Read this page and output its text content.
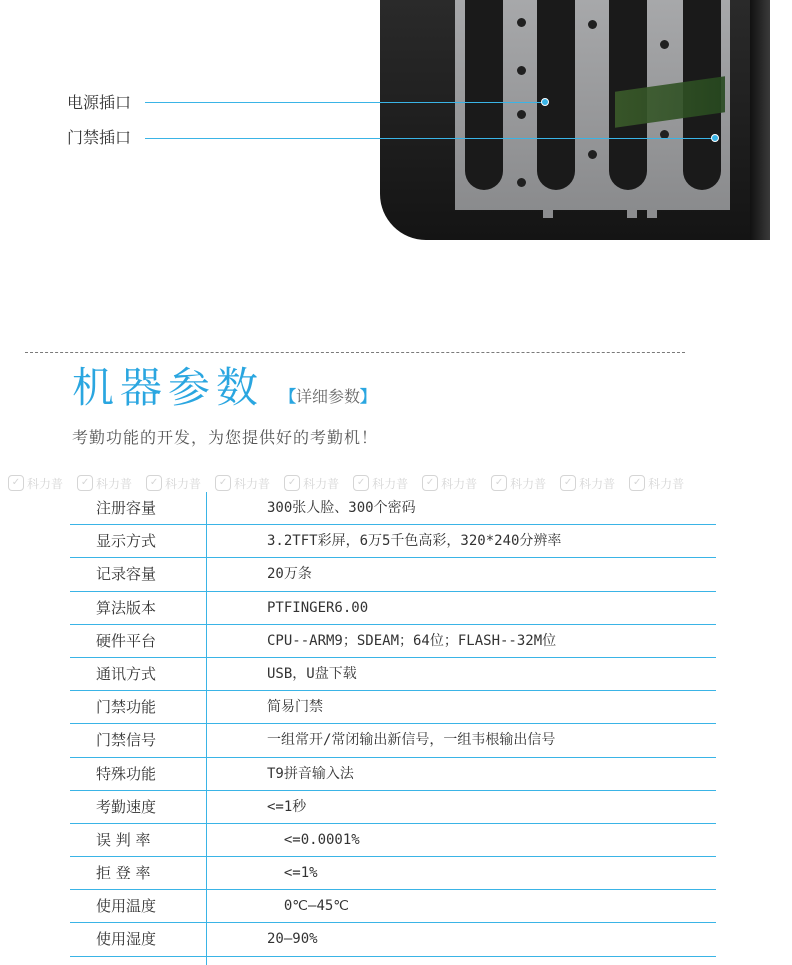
电源插口
门禁插口
机器参数 【详细参数】
考勤功能的开发，为您提供好的考勤机！
✓ 科力普	✓ 科力普	✓ 科力普	✓ 科力普	✓ 科力普	✓ 科力普	✓ 科力普	✓ 科力普	✓ 科力普	✓ 科力普
注册容量	300张人脸、300个密码
显示方式	3.2TFT彩屏，6万5千色高彩，320*240分辨率
记录容量	20万条
算法版本	PTFINGER6.00
硬件平台	CPU--ARM9；SDEAM；64位；FLASH--32M位
通讯方式	USB，U盘下载
门禁功能	简易门禁
门禁信号	一组常开/常闭输出新信号，一组韦根输出信号
特殊功能	T9拼音输入法
考勤速度	<=1秒
误 判 率	<=0.0001%
拒 登 率	<=1%
使用温度	0℃—45℃
使用湿度	20—90%
